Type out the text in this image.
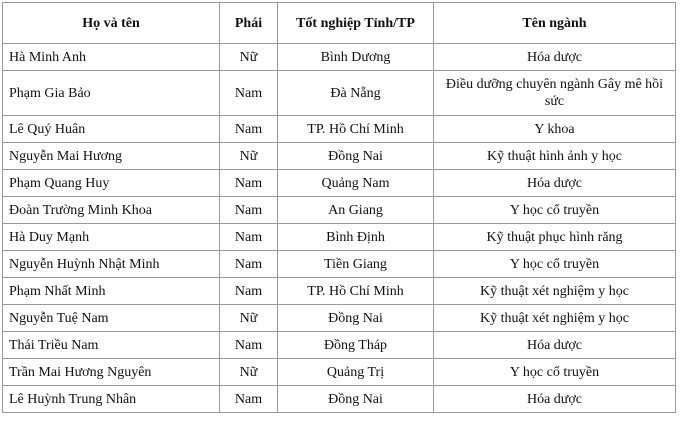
Họ và tên	Phái	Tốt nghiệp Tỉnh/TP	Tên ngành
Hà Minh Anh	Nữ	Bình Dương	Hóa dược
Phạm Gia Bảo	Nam	Đà Nẵng	Điều dưỡng chuyên ngành Gây mê hồi sức
Lê Quý Huân	Nam	TP. Hồ Chí Minh	Y khoa
Nguyễn Mai Hương	Nữ	Đồng Nai	Kỹ thuật hình ảnh y học
Phạm Quang Huy	Nam	Quảng Nam	Hóa dược
Đoàn Trường Minh Khoa	Nam	An Giang	Y học cổ truyền
Hà Duy Mạnh	Nam	Bình Định	Kỹ thuật phục hình răng
Nguyễn Huỳnh Nhật Minh	Nam	Tiền Giang	Y học cổ truyền
Phạm Nhất Minh	Nam	TP. Hồ Chí Minh	Kỹ thuật xét nghiệm y học
Nguyễn Tuệ Nam	Nữ	Đồng Nai	Kỹ thuật xét nghiệm y học
Thái Triều Nam	Nam	Đồng Tháp	Hóa dược
Trần Mai Hương Nguyên	Nữ	Quảng Trị	Y học cổ truyền
Lê Huỳnh Trung Nhân	Nam	Đồng Nai	Hóa dược
